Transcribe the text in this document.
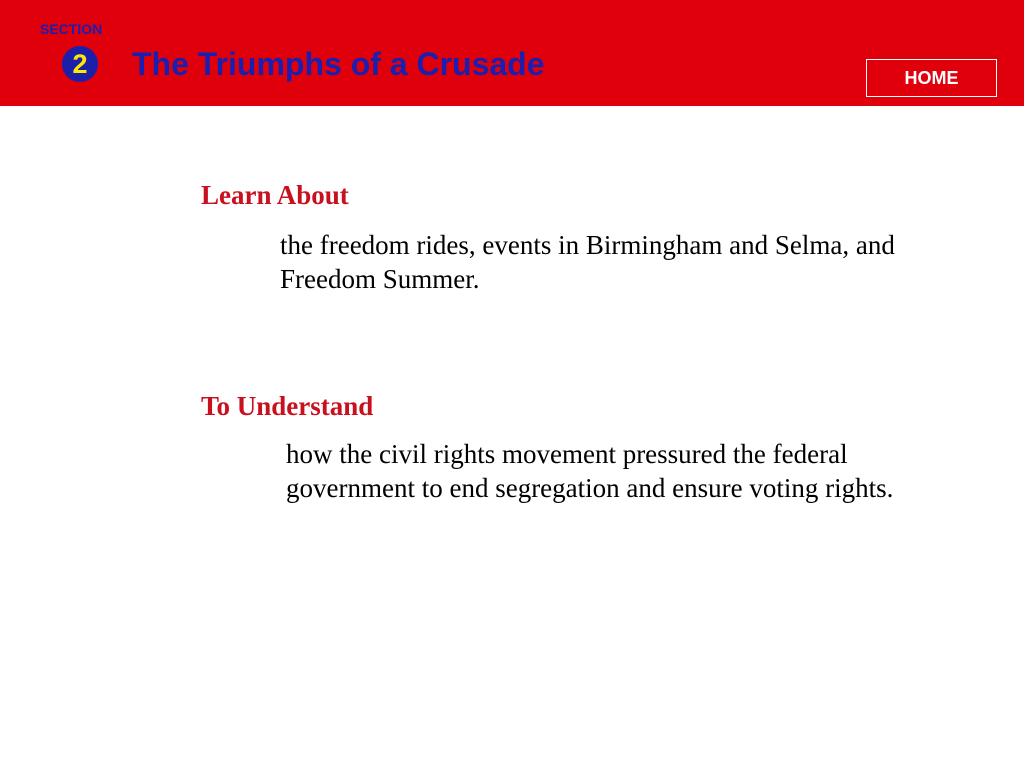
SECTION
2	The Triumphs of a Crusade	HOME
Learn About
the freedom rides, events in Birmingham and Selma, and Freedom Summer.
To Understand
how the civil rights movement pressured the federal government to end segregation and ensure voting rights.
